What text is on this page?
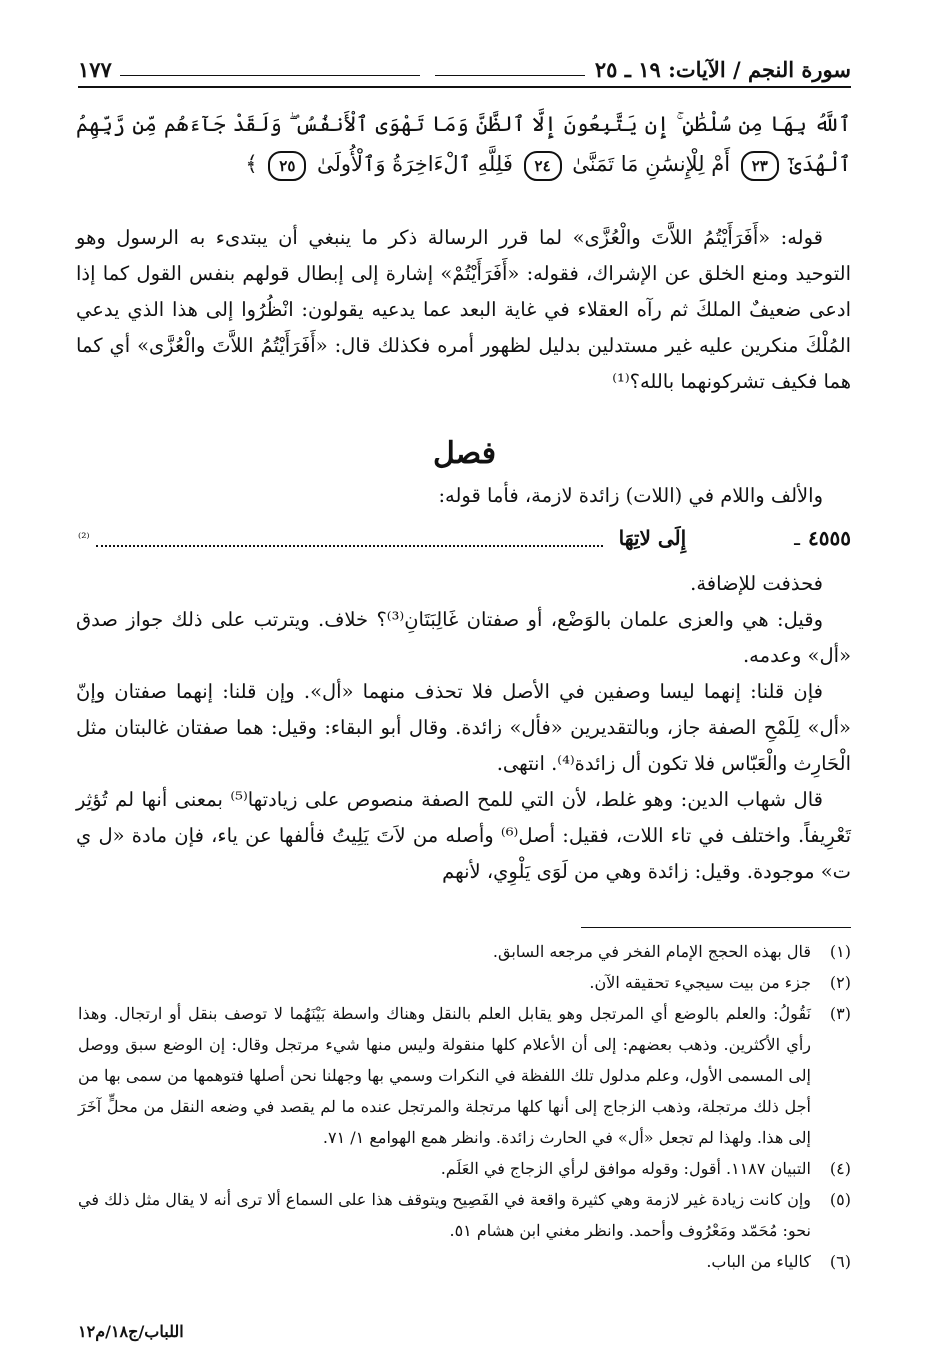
سورة النجم / الآيات: ١٩ ـ ٢٥
١٧٧
ٱللَّهُ بِهَا مِن سُلْطَٰنٍ ۚ إِن يَتَّبِعُونَ إِلَّا ٱلظَّنَّ وَمَا تَهْوَى ٱلْأَنفُسُ ۖ وَلَقَدْ جَآءَهُم مِّن رَّبِّهِمُ ٱلْهُدَىٰٓ ٢٣ أَمْ لِلْإِنسَٰنِ مَا تَمَنَّىٰ ٢٤ فَلِلَّهِ ٱلْءَاخِرَةُ وَٱلْأُولَىٰ ٢٥ ﴾

قوله: «أَفَرَأَيْتُمُ اللاَّتَ والْعُزَّى» لما قرر الرسالة ذكر ما ينبغي أن يبتدىء به الرسول وهو التوحيد ومنع الخلق عن الإشراك، فقوله: «أَفَرَأَيْتُمْ» إشارة إلى إبطال قولهم بنفس القول كما إذا ادعى ضعيفٌ الملكَ ثم رآه العقلاء في غاية البعد عما يدعيه يقولون: انْظُرُوا إلى هذا الذي يدعي المُلْكَ منكرين عليه غير مستدلين بدليل لظهور أمره فكذلك قال: «أَفَرَأَيْتُمُ اللاَّتَ والْعُزَّى» أي كما هما فكيف تشركونهما بالله؟⁽¹⁾

فصل

والألف واللام في (اللات) زائدة لازمة، فأما قوله:

٤٥٥٥
ـ
إِلَى لاتِهَا
⁽²⁾

فحذفت للإضافة.

وقيل: هي والعزى علمان بالوَضْع، أو صفتان غَالِبَتَانِ⁽³⁾؟ خلاف. ويترتب على ذلك جواز صدق «أل» وعدمه.

فإن قلنا: إنهما ليسا وصفين في الأصل فلا تحذف منهما «أل». وإن قلنا: إنهما صفتان وإنّ «أل» لِلَمْحِ الصفة جاز، وبالتقديرين «فأل» زائدة. وقال أبو البقاء: وقيل: هما صفتان غالبتان مثل الْحَارِث والْعَبّاس فلا تكون أل زائدة⁽⁴⁾. انتهى.

قال شهاب الدين: وهو غلط، لأن التي للمح الصفة منصوص على زيادتها⁽⁵⁾ بمعنى أنها لم تُؤثِر تَعْرِيفاً. واختلف في تاء اللات، فقيل: أصل⁽⁶⁾ وأصله من لاَتَ يَلِيتُ فألفها عن ياء، فإن مادة «ل ي ت» موجودة. وقيل: زائدة وهي من لَوَى يَلْوِي، لأنهم

(١)
قال بهذه الحجج الإمام الفخر في مرجعه السابق.
(٢)
جزء من بيت سيجيء تحقيقه الآن.
(٣)
نَقُولُ: والعلم بالوضع أي المرتجل وهو يقابل العلم بالنقل وهناك واسطة بَيْنَهُما لا توصف بنقل أو ارتجال. وهذا رأي الأكثرين. وذهب بعضهم: إلى أن الأعلام كلها منقولة وليس منها شيء مرتجل وقال: إن الوضع سبق ووصل إلى المسمى الأول، وعلم مدلول تلك اللفظة في النكرات وسمي بها وجهلنا نحن أصلها فتوهمها من سمى بها من أجل ذلك مرتجلة، وذهب الزجاج إلى أنها كلها مرتجلة والمرتجل عنده ما لم يقصد في وضعه النقل من محلٍّ آخَرَ إلى هذا. ولهذا لم تجعل «أل» في الحارث زائدة. وانظر همع الهوامع ١/ ٧١.
(٤)
التبيان ١١٨٧. أقول: وقوله موافق لرأي الزجاج في العَلَم.
(٥)
وإن كانت زيادة غير لازمة وهي كثيرة واقعة في الفَصِيح ويتوقف هذا على السماع ألا ترى أنه لا يقال مثل ذلك في نحو: مُحَمّد ومَعْرُوف وأحمد. وانظر مغني ابن هشام ٥١.
(٦)
كالياء من الباب.
اللباب/ج١٨/م١٢
